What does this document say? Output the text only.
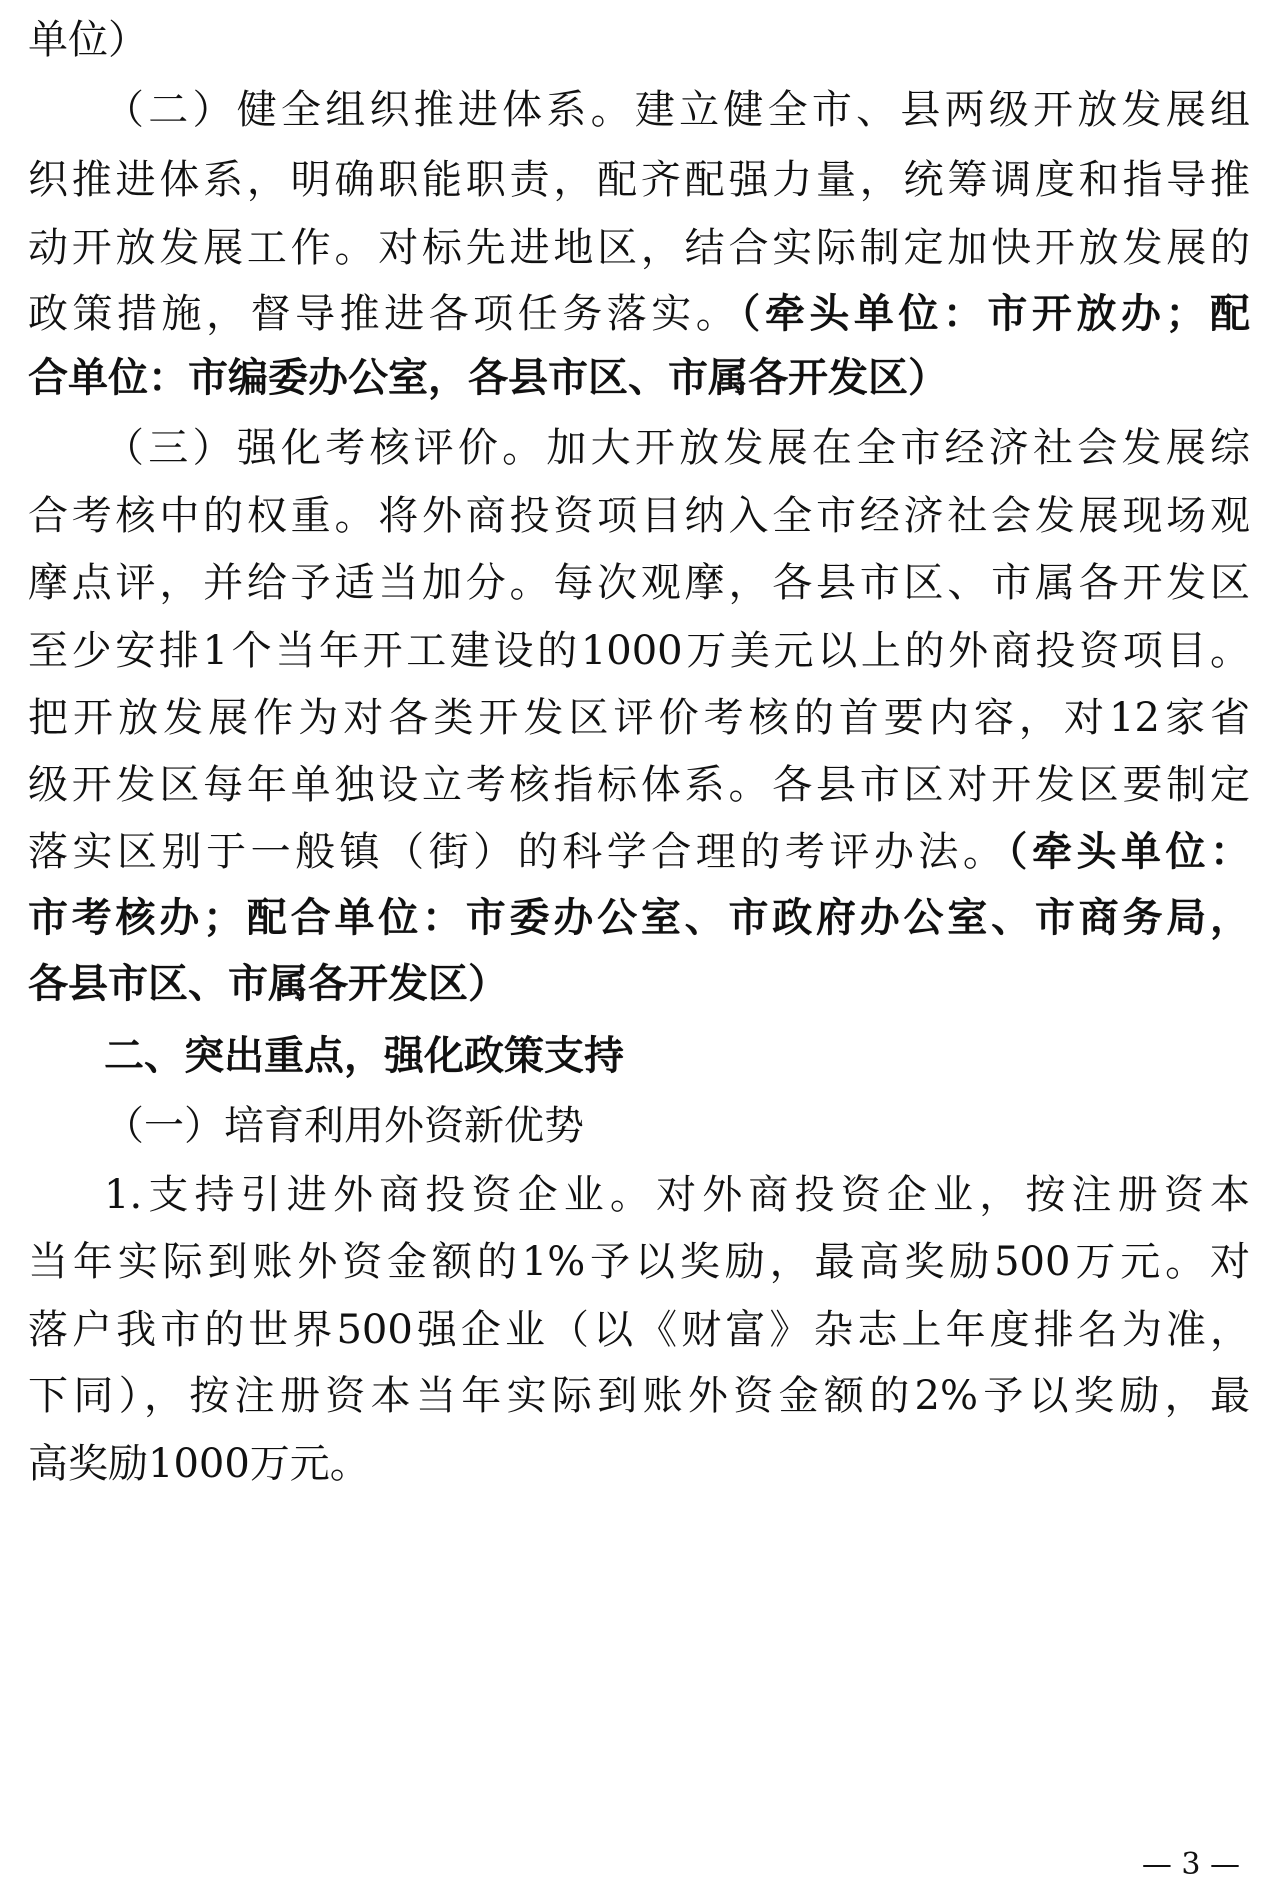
单位）
（二）健全组织推进体系。建立健全市、县两级开放发展组
织推进体系，明确职能职责，配齐配强力量，统筹调度和指导推
动开放发展工作。对标先进地区，结合实际制定加快开放发展的
政策措施，督导推进各项任务落实。（牵头单位：市开放办；配
合单位：市编委办公室，各县市区、市属各开发区）
（三）强化考核评价。加大开放发展在全市经济社会发展综
合考核中的权重。将外商投资项目纳入全市经济社会发展现场观
摩点评，并给予适当加分。每次观摩，各县市区、市属各开发区
至少安排1个当年开工建设的1000万美元以上的外商投资项目。
把开放发展作为对各类开发区评价考核的首要内容，对12家省
级开发区每年单独设立考核指标体系。各县市区对开发区要制定
落实区别于一般镇（街）的科学合理的考评办法。（牵头单位：
市考核办；配合单位：市委办公室、市政府办公室、市商务局，
各县市区、市属各开发区）
二、突出重点，强化政策支持
（一）培育利用外资新优势
1.支持引进外商投资企业。对外商投资企业，按注册资本
当年实际到账外资金额的1%予以奖励，最高奖励500万元。对
落户我市的世界500强企业（以《财富》杂志上年度排名为准，
下同），按注册资本当年实际到账外资金额的2%予以奖励，最
高奖励1000万元。
— 3 —
